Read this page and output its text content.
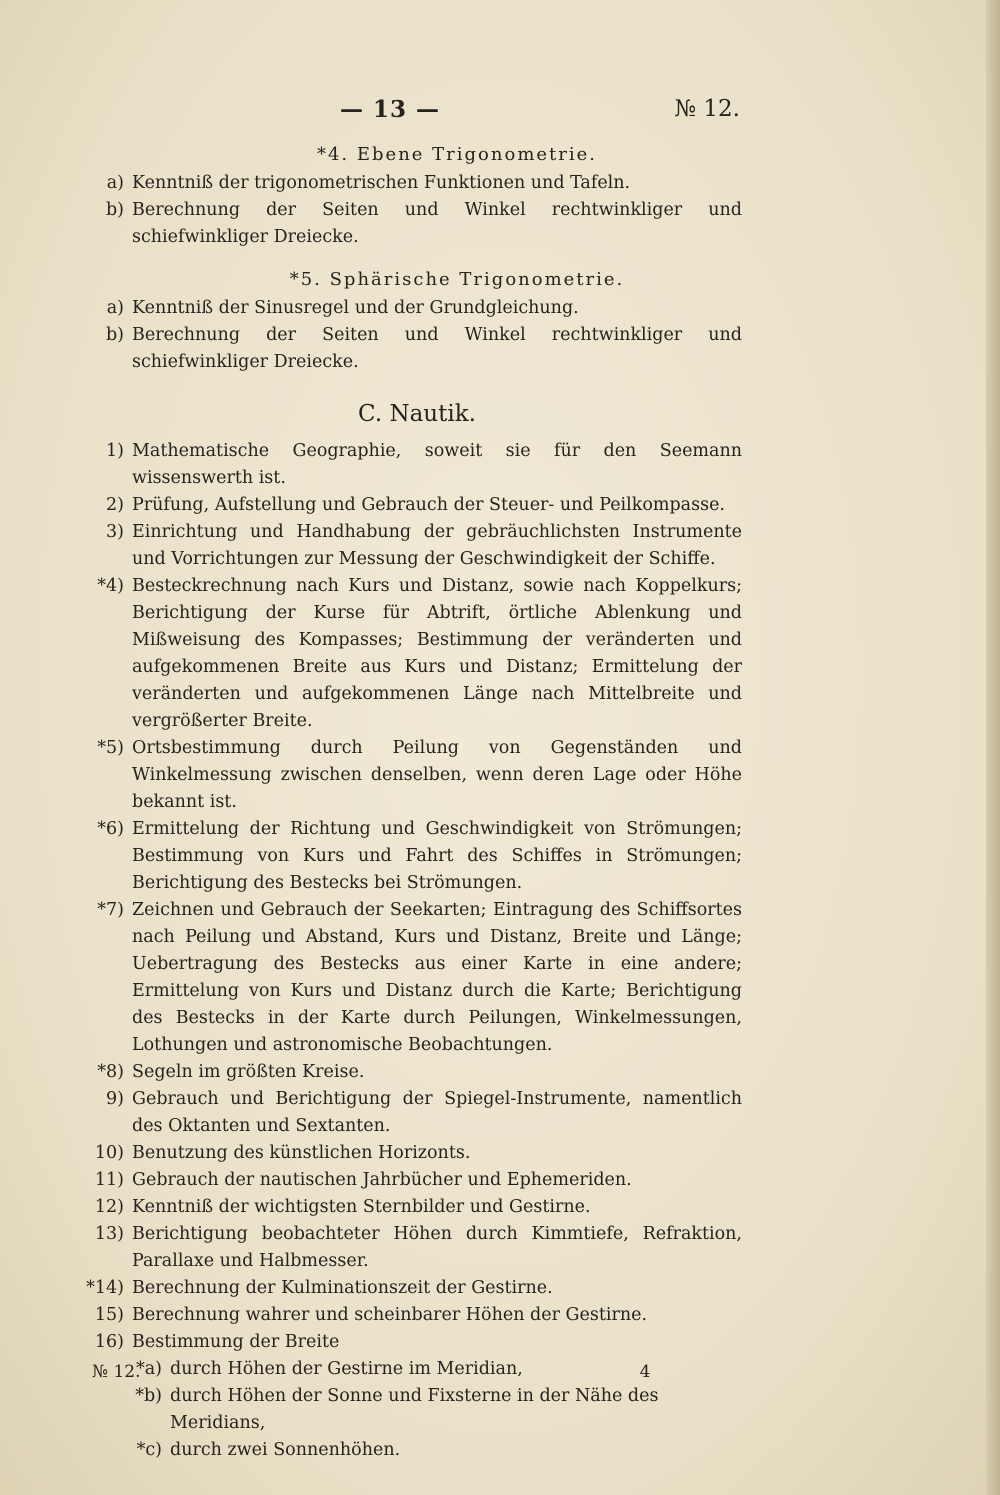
— 13 —	№ 12.
*4. Ebene Trigonometrie.
a) Kenntniß der trigonometrischen Funktionen und Tafeln.
b) Berechnung der Seiten und Winkel rechtwinkliger und schiefwinkliger Dreiecke.
*5. Sphärische Trigonometrie.
a) Kenntniß der Sinusregel und der Grundgleichung.
b) Berechnung der Seiten und Winkel rechtwinkliger und schiefwinkliger Dreiecke.
C. Nautik.
1) Mathematische Geographie, soweit sie für den Seemann wissenswerth ist.
2) Prüfung, Aufstellung und Gebrauch der Steuer- und Peilkompasse.
3) Einrichtung und Handhabung der gebräuchlichsten Instrumente und Vorrichtungen zur Messung der Geschwindigkeit der Schiffe.
*4) Besteckrechnung nach Kurs und Distanz, sowie nach Koppelkurs; Berichtigung der Kurse für Abtrift, örtliche Ablenkung und Mißweisung des Kompasses; Bestimmung der veränderten und aufgekommenen Breite aus Kurs und Distanz; Ermittelung der veränderten und aufgekommenen Länge nach Mittelbreite und vergrößerter Breite.
*5) Ortsbestimmung durch Peilung von Gegenständen und Winkelmessung zwischen denselben, wenn deren Lage oder Höhe bekannt ist.
*6) Ermittelung der Richtung und Geschwindigkeit von Strömungen; Bestimmung von Kurs und Fahrt des Schiffes in Strömungen; Berichtigung des Bestecks bei Strömungen.
*7) Zeichnen und Gebrauch der Seekarten; Eintragung des Schiffsortes nach Peilung und Abstand, Kurs und Distanz, Breite und Länge; Uebertragung des Bestecks aus einer Karte in eine andere; Ermittelung von Kurs und Distanz durch die Karte; Berichtigung des Bestecks in der Karte durch Peilungen, Winkelmessungen, Lothungen und astronomische Beobachtungen.
*8) Segeln im größten Kreise.
9) Gebrauch und Berichtigung der Spiegel-Instrumente, namentlich des Oktanten und Sextanten.
10) Benutzung des künstlichen Horizonts.
11) Gebrauch der nautischen Jahrbücher und Ephemeriden.
12) Kenntniß der wichtigsten Sternbilder und Gestirne.
13) Berichtigung beobachteter Höhen durch Kimmtiefe, Refraktion, Parallaxe und Halbmesser.
*14) Berechnung der Kulminationszeit der Gestirne.
15) Berechnung wahrer und scheinbarer Höhen der Gestirne.
16) Bestimmung der Breite
*a) durch Höhen der Gestirne im Meridian,
*b) durch Höhen der Sonne und Fixsterne in der Nähe des Meridians,
*c) durch zwei Sonnenhöhen.
№ 12.	4
